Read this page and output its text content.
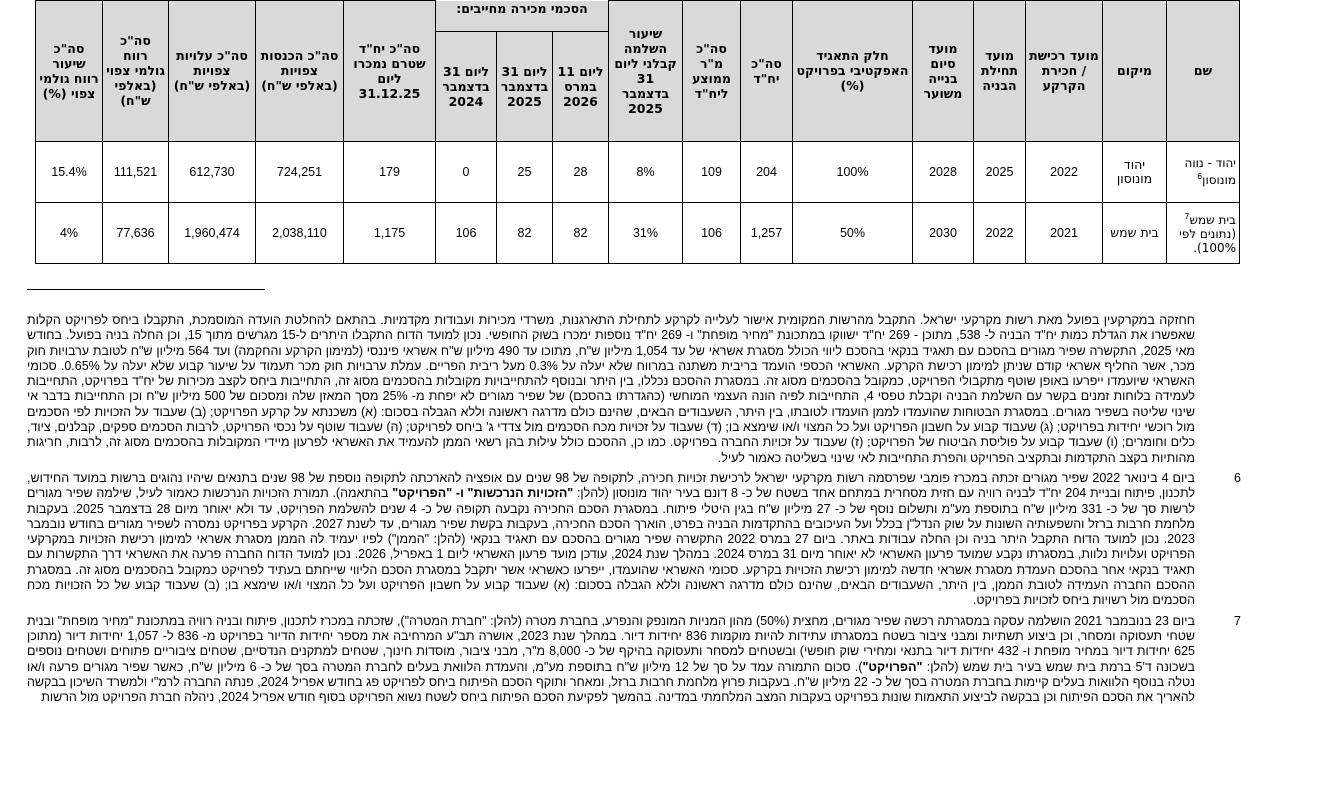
שם	מיקום	מועד רכישת / חכירת הקרקע	מועד תחילת הבניה	מועד סיום בנייה משוער	חלק התאגיד האפקטיבי בפרויקט (%)	סה"כ יח"ד	סה"כ מ"ר ממוצע ליח"ד	שיעור השלמה קבלני ליום 31 בדצמבר 2025	הסכמי מכירה מחייבים:			סה"כ יח"ד שטרם נמכרו ליום 31.12.25	סה"כ הכנסות צפויות (באלפי ש"ח)	סה"כ עלויות צפויות (באלפי ש"ח)	סה"כ רווח גולמי צפוי (באלפי ש"ח)	סה"כ שיעור רווח גולמי צפוי (%)
									ליום 11 במרס 2026	ליום 31 בדצמבר 2025	ליום 31 בדצמבר 2024					
יהוד - נווה מונוסון$^6$	יהוד מונוסון	2022	2025	2028	100%	204	109	8%	28	25	0	179	724,251	612,730	111,521	15.4%
בית שמש$^7$ (נתונים לפי 100%).	בית שמש	2021	2022	2030	50%	1,257	106	31%	82	82	106	1,175	2,038,110	1,960,474	77,636	4%
חחזקה במקרקעין בפועל מאת רשות מקרקעי ישראל. התקבל מהרשות המקומית אישור לעלייה לקרקע לתחילת התארגנות, משרדי מכירות ועבודות מקדמיות. בהתאם להחלטת הועדה המוסמכת, התקבלו ביחס לפרויקט הקלות שאפשרו את הגדלת כמות יח"ד הבניה ל- 538, מתוכן - 269 יח"ד ישווקו במתכונת "מחיר מופחת" ו- 269 יח"ד נוספות ימכרו בשוק החופשי. נכון למועד הדוח התקבלו היתרים ל-15 מגרשים מתוך 15, וכן החלה בניה בפועל. בחודש מאי 2025, התקשרה שפיר מגורים בהסכם עם תאגיד בנקאי בהסכם ליווי הכולל מסגרת אשראי של עד 1,054 מיליון ש"ח, מתוכו עד 490 מיליון ש"ח אשראי פיננסי (למימון הקרקע והחקמה) ועד 564 מיליון ש"ח לטובת ערבויות חוק מכר, אשר החליף אשראי קודם שניתן למימון רכישת הקרקע. האשראי הכספי הועמד בריבית משתנה במרווח שלא יעלה על 0.3% מעל ריבית הפריים. עמלת ערבויות חוק מכר תעמוד על שיעור קבוע שלא יעלה על 0.65%. סכומי האשראי שיועמדו ייפרעו באופן שוטף מתקבולי הפרויקט, כמקובל בהסכמים מסוג זה. במסגרת ההסכם נכללו, בין היתר ובנוסף להתחייבויות מקובלות בהסכמים מסוג זה, התחייבות ביחס לקצב מכירות של יח"ד בפרויקט, התחייבות לעמידה בלוחות זמנים בקשר עם השלמת הבניה וקבלת טפסי 4, התחייבות לפיה הונה העצמי המוחשי (כהגדרתו בהסכם) של שפיר מגורים לא יפחת מ- 25% מסך המאזן שלה ומסכום של 500 מיליון ש"ח וכן התחייבות בדבר אי שינוי שליטה בשפיר מגורים. במסגרת הבטוחות שהועמדו לממן הועמדו לטובתו, בין היתר, השעבודים הבאים, שהינם כולם מדרגה ראשונה וללא הגבלה בסכום: (א) משכנתא על קרקע הפרויקט; (ב) שעבוד על הזכויות לפי הסכמים מול רוכשי יחידות בפרויקט; (ג) שעבוד קבוע על חשבון הפרויקט ועל כל המצוי ו/או שימצא בו; (ד) שעבוד על זכויות מכח הסכמים מול צדדי ג' ביחס לפרויקט; (ה) שעבוד שוטף על נכסי הפרויקט, לרבות הסכמים ספקים, קבלנים, ציוד, כלים וחומרים; (ו) שעבוד קבוע על פוליסת הביטוח של הפרויקט; (ז) שעבוד על זכויות החברה בפרויקט. כמו כן, ההסכם כולל עילות בהן רשאי הממן להעמיד את האשראי לפרעון מיידי המקובלות בהסכמים מסוג זה, לרבות, חריגות מהותיות בקצב התקדמות ובתקציב הפרויקט והפרת התחייבות לאי שינוי בשליטה כאמור לעיל.
6
ביום 4 בינואר 2022 שפיר מגורים זכתה במכרז פומבי שפרסמה רשות מקרקעי ישראל לרכישת זכויות חכירה, לתקופה של 98 שנים עם אופציה להארכתה לתקופה נוספת של 98 שנים בתנאים שיהיו נהוגים ברשות במועד החידוש, לתכנון, פיתוח ובניית 204 יח"ד לבניה רוויה עם חזית מסחרית במתחם אחד בשטח של כ- 8 דונם בעיר יהוד מונוסון (להלן: "הזכויות הנרכשות" ו- "הפרויקט" בהתאמה). תמורת הזכויות הנרכשות כאמור לעיל, שילמה שפיר מגורים לרשות סך של כ- 331 מיליון ש"ח בתוספת מע"מ ותשלום נוסף של כ- 27 מיליון ש"ח בגין היטלי פיתוח. במסגרת הסכם החכירה נקבעה תקופה של כ- 4 שנים להשלמת הפרויקט, עד ולא יאוחר מיום 28 בדצמבר 2025. בעקבות מלחמת חרבות ברזל והשפעותיה השונות על שוק הנדל"ן בכלל ועל העיכובים בהתקדמות הבניה בפרט, הוארך הסכם החכירה, בעקבות בקשת שפיר מגורים, עד לשנת 2027. הקרקע בפרויקט נמסרה לשפיר מגורים בחודש נובמבר 2023. נכון למועד הדוח התקבל היתר בניה וכן החלה עבודות באתר. ביום 27 במרס 2022 התקשרה שפיר מגורים בהסכם עם תאגיד בנקאי (להלן: "הממן") לפיו יעמיד לה הממן מסגרת אשראי למימון רכישת הזכויות במקרקעי הפרויקט ועלויות נלוות, במסגרתו נקבע שמועד פרעון האשראי לא יאוחר מיום 31 במרס 2024. במהלך שנת 2024, עודכן מועד פרעון האשראי ליום 1 באפריל, 2026. נכון למועד הדוח החברה פרעה את האשראי דרך התקשרות עם תאגיד בנקאי אחר בהסכם העמדת מסגרת אשראי חדשה למימון רכישת הזכויות בקרקע. סכומי האשראי שהועמדו, ייפרעו כאשראי אשר יתקבל במסגרת הסכם הליווי שייחתם בעתיד לפרויקט כמקובל בהסכמים מסוג זה. במסגרת ההסכם החברה העמידה לטובת הממן, בין היתר, השעבודים הבאים, שהינם כולם מדרגה ראשונה וללא הגבלה בסכום: (א) שעבוד קבוע על חשבון הפרויקט ועל כל המצוי ו/או שימצא בו; (ב) שעבוד קבוע של כל הזכויות מכח הסכמים מול רשויות ביחס לזכויות בפרויקט.
7
ביום 23 בנובמבר 2021 הושלמה עסקה במסגרתה רכשה שפיר מגורים, מחצית (50%) מהון המניות המונפק והנפרע, בחברת מטרה (להלן: "חברת המטרה"), שזכתה במכרז לתכנון, פיתוח ובניה רוויה במתכונת "מחיר מופחת" ובנית שטחי תעסוקה ומסחר, וכן ביצוע תשתיות ומבני ציבור בשטח במסגרתו עתידות להיות מוקמות 836 יחידות דיור. במהלך שנת 2023, אושרה תב"ע המרחיבה את מספר יחידות הדיור בפרויקט מ- 836 ל- 1,057 יחידות דיור (מתוכן 625 יחידות דיור במחיר מופחת ו- 432 יחידות דיור בתנאי ומחירי שוק חופשי) ובשטחים למסחר ותעסוקה בהיקף של כ- 8,000 מ"ר, מבני ציבור, מוסדות חינוך, שטחים למתקנים הנדסיים, שטחים ציבוריים פתוחים ושטחים נוספים בשכונה ד'5 ברמת בית שמש בעיר בית שמש (להלן: "הפרויקט"). סכום התמורה עמד על סך של 12 מיליון ש"ח בתוספת מע"מ, והעמדת הלוואת בעלים לחברת המטרה בסך של כ- 6 מיליון ש"ח, כאשר שפיר מגורים פרעה ו/או נטלה בנוסף הלוואות בעלים קיימות בחברת המטרה בסך של כ- 22 מיליון ש"ח. בעקבות פרוץ מלחמת חרבות ברזל, ומאחר ותוקף הסכם הפיתוח ביחס לפרויקט פג בחודש אפריל 2024, פנתה החברה לרמ"י ולמשרד השיכון בבקשה להאריך את הסכם הפיתוח וכן בבקשה לביצוע התאמות שונות בפרויקט בעקבות המצב המלחמתי במדינה. בהמשך לפקיעת הסכם הפיתוח ביחס לשטח נשוא הפרויקט בסוף חודש אפריל 2024, ניהלה חברת הפרויקט מול הרשות
